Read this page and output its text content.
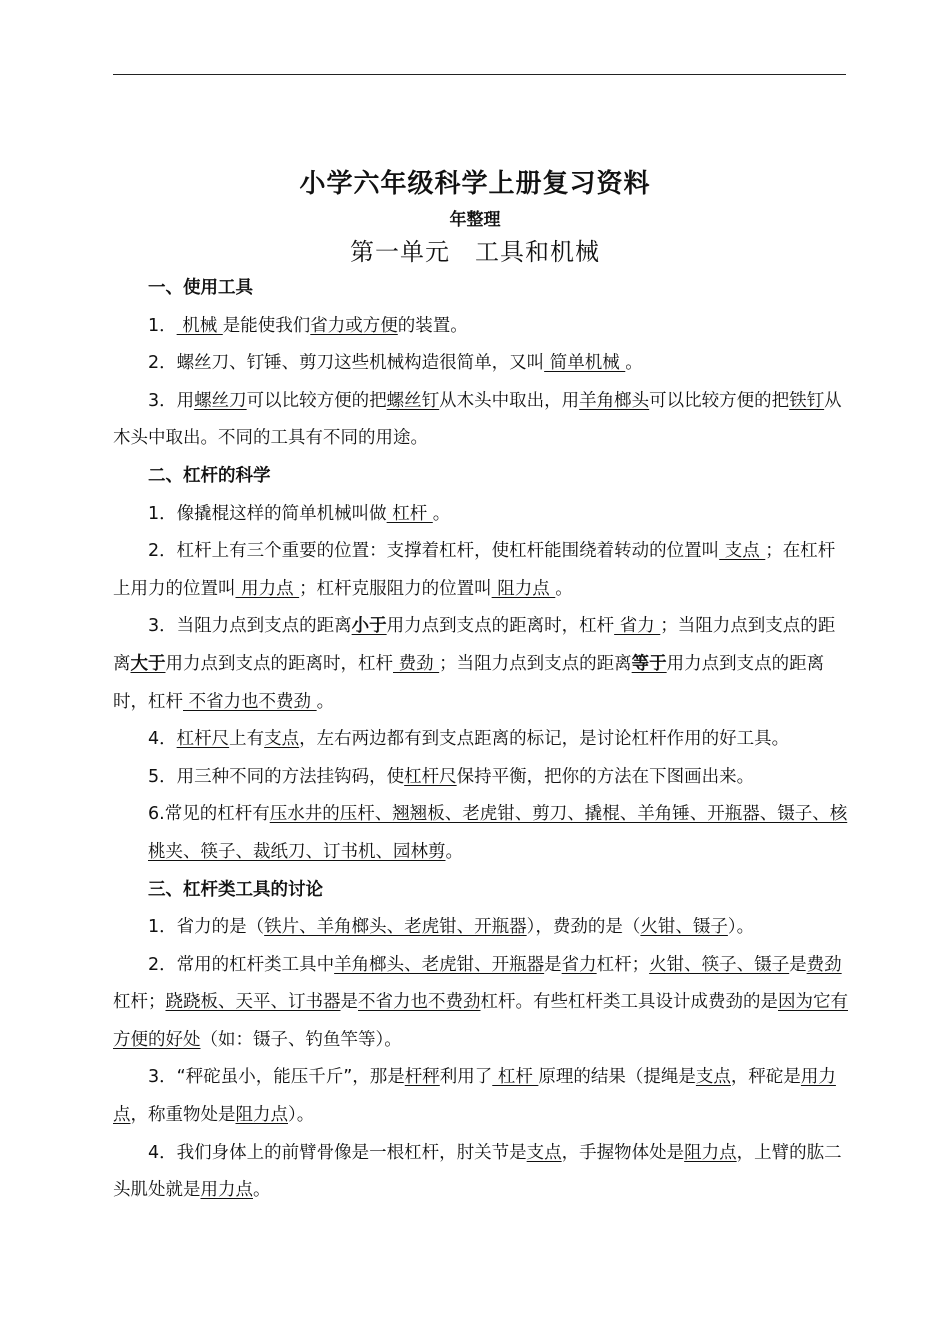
小学六年级科学上册复习资料
年整理
第一单元　工具和机械

一、使用工具

1． 机械 是能使我们省力或方便的装置。

2．螺丝刀、钉锤、剪刀这些机械构造很简单，又叫 简单机械 。

3．用螺丝刀可以比较方便的把螺丝钉从木头中取出，用羊角榔头可以比较方便的把铁钉从木头中取出。不同的工具有不同的用途。

二、杠杆的科学

1．像撬棍这样的简单机械叫做 杠杆 。

2．杠杆上有三个重要的位置：支撑着杠杆，使杠杆能围绕着转动的位置叫 支点 ；在杠杆上用力的位置叫 用力点 ；杠杆克服阻力的位置叫 阻力点 。

3．当阻力点到支点的距离小于用力点到支点的距离时，杠杆 省力 ；当阻力点到支点的距离大于用力点到支点的距离时，杠杆 费劲 ；当阻力点到支点的距离等于用力点到支点的距离时，杠杆 不省力也不费劲 。

4．杠杆尺上有支点，左右两边都有到支点距离的标记，是讨论杠杆作用的好工具。

5．用三种不同的方法挂钩码，使杠杆尺保持平衡，把你的方法在下图画出来。

6.常见的杠杆有压水井的压杆、翘翘板、老虎钳、剪刀、撬棍、羊角锤、开瓶器、镊子、核桃夹、筷子、裁纸刀、订书机、园林剪。

三、杠杆类工具的讨论

1．省力的是（铁片、羊角榔头、老虎钳、开瓶器），费劲的是（火钳、镊子）。

2．常用的杠杆类工具中羊角榔头、老虎钳、开瓶器是省力杠杆；火钳、筷子、镊子是费劲杠杆；跷跷板、天平、订书器是不省力也不费劲杠杆。有些杠杆类工具设计成费劲的是因为它有方便的好处（如：镊子、钓鱼竿等）。

3．“秤砣虽小，能压千斤”，那是杆秤利用了 杠杆 原理的结果（提绳是支点，秤砣是用力点，称重物处是阻力点）。

4．我们身体上的前臂骨像是一根杠杆，肘关节是支点，手握物体处是阻力点，上臂的肱二头肌处就是用力点。
